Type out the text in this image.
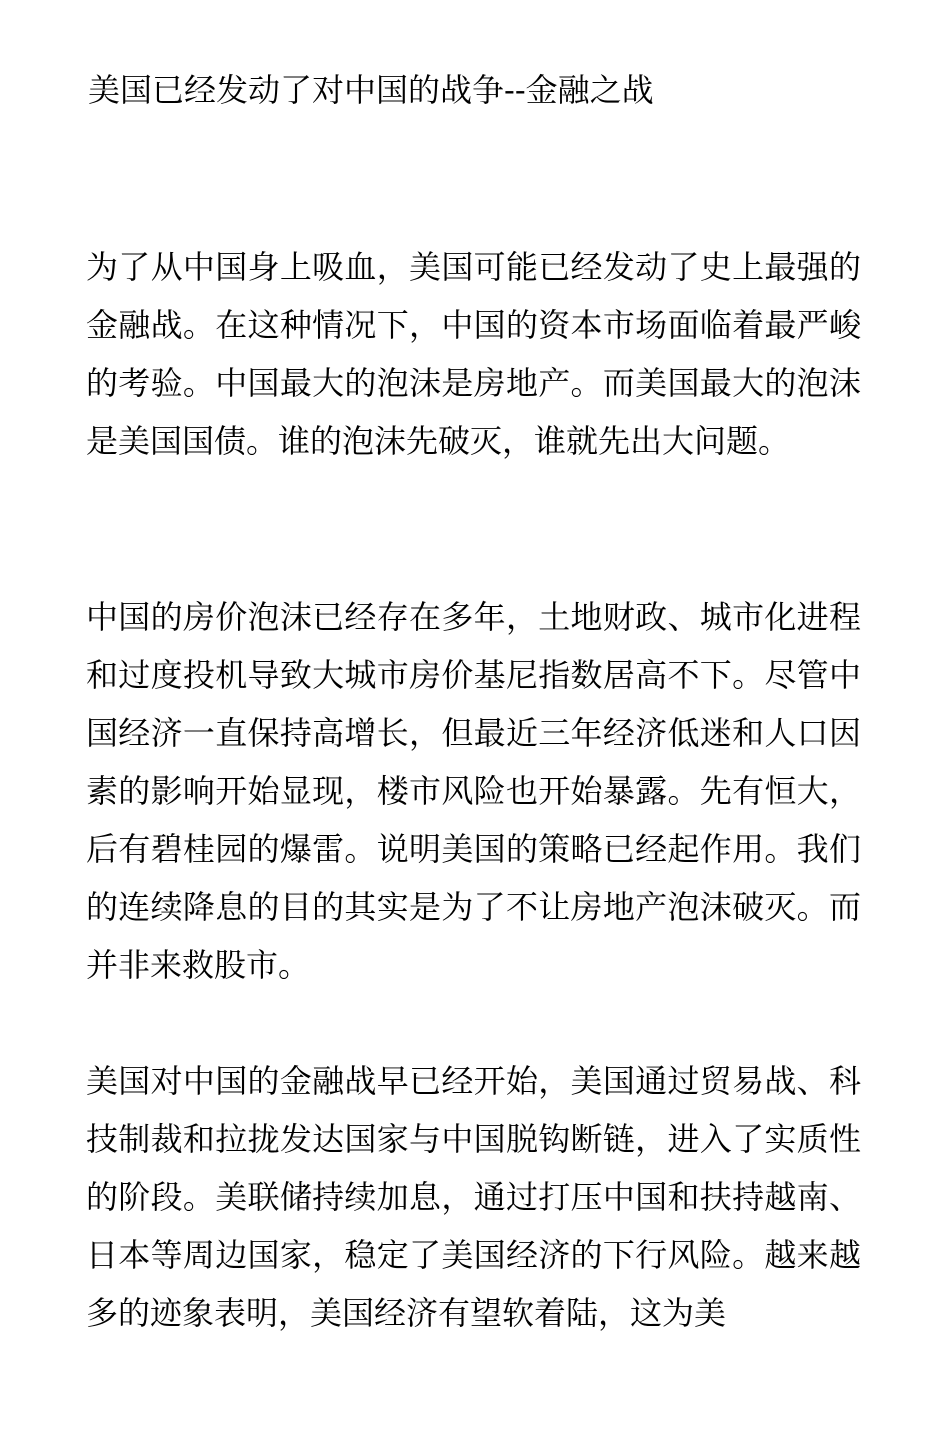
美国已经发动了对中国的战争--金融之战

为了从中国身上吸血，美国可能已经发动了史上最强的金融战。在这种情况下，中国的资本市场面临着最严峻的考验。中国最大的泡沫是房地产。而美国最大的泡沫是美国国债。谁的泡沫先破灭，谁就先出大问题。

中国的房价泡沫已经存在多年，土地财政、城市化进程和过度投机导致大城市房价基尼指数居高不下。尽管中国经济一直保持高增长，但最近三年经济低迷和人口因素的影响开始显现，楼市风险也开始暴露。先有恒大，后有碧桂园的爆雷。说明美国的策略已经起作用。我们的连续降息的目的其实是为了不让房地产泡沫破灭。而并非来救股市。

美国对中国的金融战早已经开始，美国通过贸易战、科技制裁和拉拢发达国家与中国脱钩断链，进入了实质性的阶段。美联储持续加息，通过打压中国和扶持越南、日本等周边国家，稳定了美国经济的下行风险。越来越多的迹象表明，美国经济有望软着陆，这为美
